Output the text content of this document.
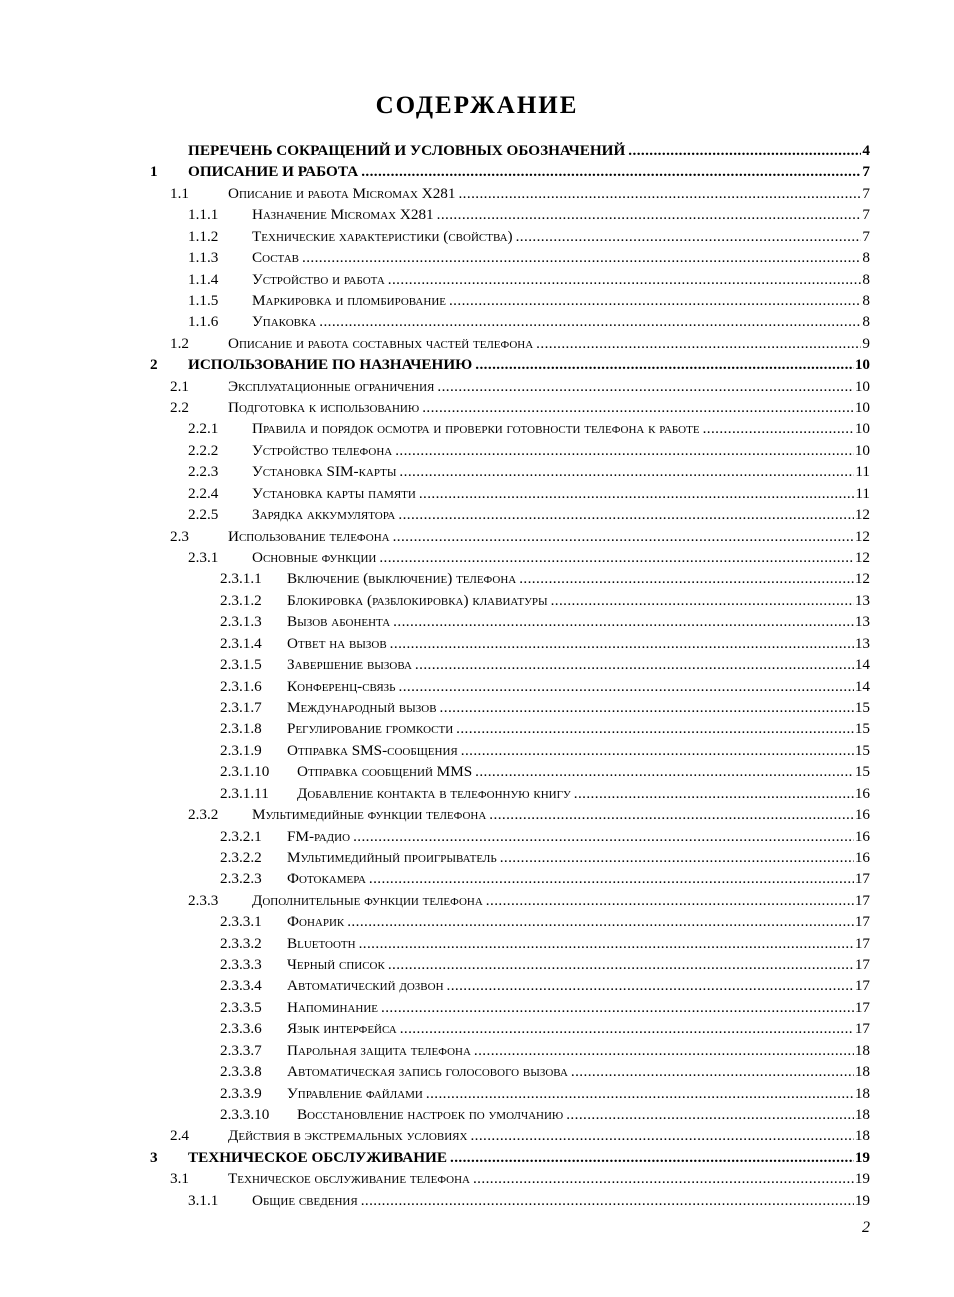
СОДЕРЖАНИЕ
ПЕРЕЧЕНЬ СОКРАЩЕНИЙ И УСЛОВНЫХ ОБОЗНАЧЕНИЙ .....	4
1	ОПИСАНИЕ И РАБОТА .....	7
1.1	Описание и работа Micromax X281 .....	7
1.1.1	Назначение Micromax X281 .....	7
1.1.2	Технические характеристики (свойства) .....	7
1.1.3	Состав .....	8
1.1.4	Устройство и работа .....	8
1.1.5	Маркировка и пломбирование .....	8
1.1.6	Упаковка .....	8
1.2	Описание и работа составных частей телефона .....	9
2	ИСПОЛЬЗОВАНИЕ ПО НАЗНАЧЕНИЮ .....	10
2.1	Эксплуатационные ограничения .....	10
2.2	Подготовка к использованию .....	10
2.2.1	Правила и порядок осмотра и проверки готовности телефона к работе .....	10
2.2.2	Устройство телефона .....	10
2.2.3	Установка SIM-карты .....	11
2.2.4	Установка карты памяти .....	11
2.2.5	Зарядка аккумулятора .....	12
2.3	Использование телефона .....	12
2.3.1	Основные функции .....	12
2.3.1.1	Включение (выключение) телефона .....	12
2.3.1.2	Блокировка (разблокировка) клавиатуры .....	13
2.3.1.3	Вызов абонента .....	13
2.3.1.4	Ответ на вызов .....	13
2.3.1.5	Завершение вызова .....	14
2.3.1.6	Конференц-связь .....	14
2.3.1.7	Международный вызов .....	15
2.3.1.8	Регулирование громкости .....	15
2.3.1.9	Отправка SMS-сообщения .....	15
2.3.1.10	Отправка сообщений MMS .....	15
2.3.1.11	Добавление контакта в телефонную книгу .....	16
2.3.2	Мультимедийные функции телефона .....	16
2.3.2.1	FM-радио .....	16
2.3.2.2	Мультимедийный проигрыватель .....	16
2.3.2.3	Фотокамера .....	17
2.3.3	Дополнительные функции телефона .....	17
2.3.3.1	Фонарик .....	17
2.3.3.2	Bluetooth .....	17
2.3.3.3	Черный список .....	17
2.3.3.4	Автоматический дозвон .....	17
2.3.3.5	Напоминание .....	17
2.3.3.6	Язык интерфейса .....	17
2.3.3.7	Парольная защита телефона .....	18
2.3.3.8	Автоматическая запись голосового вызова .....	18
2.3.3.9	Управление файлами .....	18
2.3.3.10	Восстановление настроек по умолчанию .....	18
2.4	Действия в экстремальных условиях .....	18
3	ТЕХНИЧЕСКОЕ ОБСЛУЖИВАНИЕ .....	19
3.1	Техническое обслуживание телефона .....	19
3.1.1	Общие сведения .....	19
2
